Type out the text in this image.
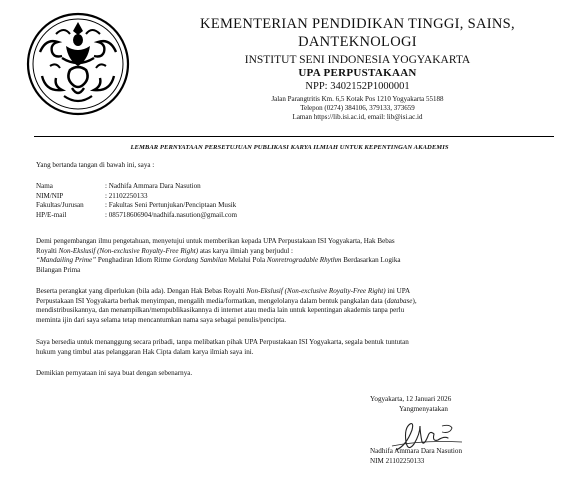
KEMENTERIAN PENDIDIKAN TINGGI, SAINS,
DANTEKNOLOGI
INSTITUT SENI INDONESIA YOGYAKARTA
UPA PERPUSTAKAAN
NPP: 3402152P1000001
Jalan Parangtritis Km. 6,5 Kotak Pos 1210 Yogyakarta 55188
Telepon (0274) 384106, 379133, 373659
Laman https://lib.isi.ac.id, email: lib@isi.ac.id
LEMBAR PERNYATAAN PERSETUJUAN PUBLIKASI KARYA ILMIAH UNTUK KEPENTINGAN AKADEMIS
Yang bertanda tangan di bawah ini, saya :
Nama	: Nadhifa Ammara Dara Nasution
NIM/NIP	: 21102250133
Fakultas/Jurusan	: Fakultas Seni Pertunjukan/Penciptaan Musik
HP/E-mail	: 085718606904/nadhifa.nasution@gmail.com
Demi pengembangan ilmu pengetahuan, menyetujui untuk memberikan kepada UPA Perpustakaan ISI Yogyakarta, Hak Bebas
Royalti Non-Ekslusif (Non-exclusive Royalty-Free Right) atas karya ilmiah yang berjudul :
“Mandailing Prime” Penghadiran Idiom Ritme Gordang Sambilan Melalui Pola Nonretrogradable Rhythm Berdasarkan Logika
Bilangan Prima
Beserta perangkat yang diperlukan (bila ada). Dengan Hak Bebas Royalti Non-Ekslusif (Non-exclusive Royalty-Free Right) ini UPA
Perpustakaan ISI Yogyakarta berhak menyimpan, mengalih media/formatkan, mengelolanya dalam bentuk pangkalan data (database),
mendistribusikannya, dan menampilkan/mempublikasikannya di internet atau media lain untuk kepentingan akademis tanpa perlu
meminta ijin dari saya selama tetap mencantumkan nama saya sebagai penulis/pencipta.
Saya bersedia untuk menanggung secara pribadi, tanpa melibatkan pihak UPA Perpustakaan ISI Yogyakarta, segala bentuk tuntutan
hukum yang timbul atas pelanggaran Hak Cipta dalam karya ilmiah saya ini.
Demikian pernyataan ini saya buat dengan sebenarnya.
Yogyakarta, 12 Januari 2026
Yangmenyatakan
Nadhifa Ammara Dara Nasution
NIM 21102250133
